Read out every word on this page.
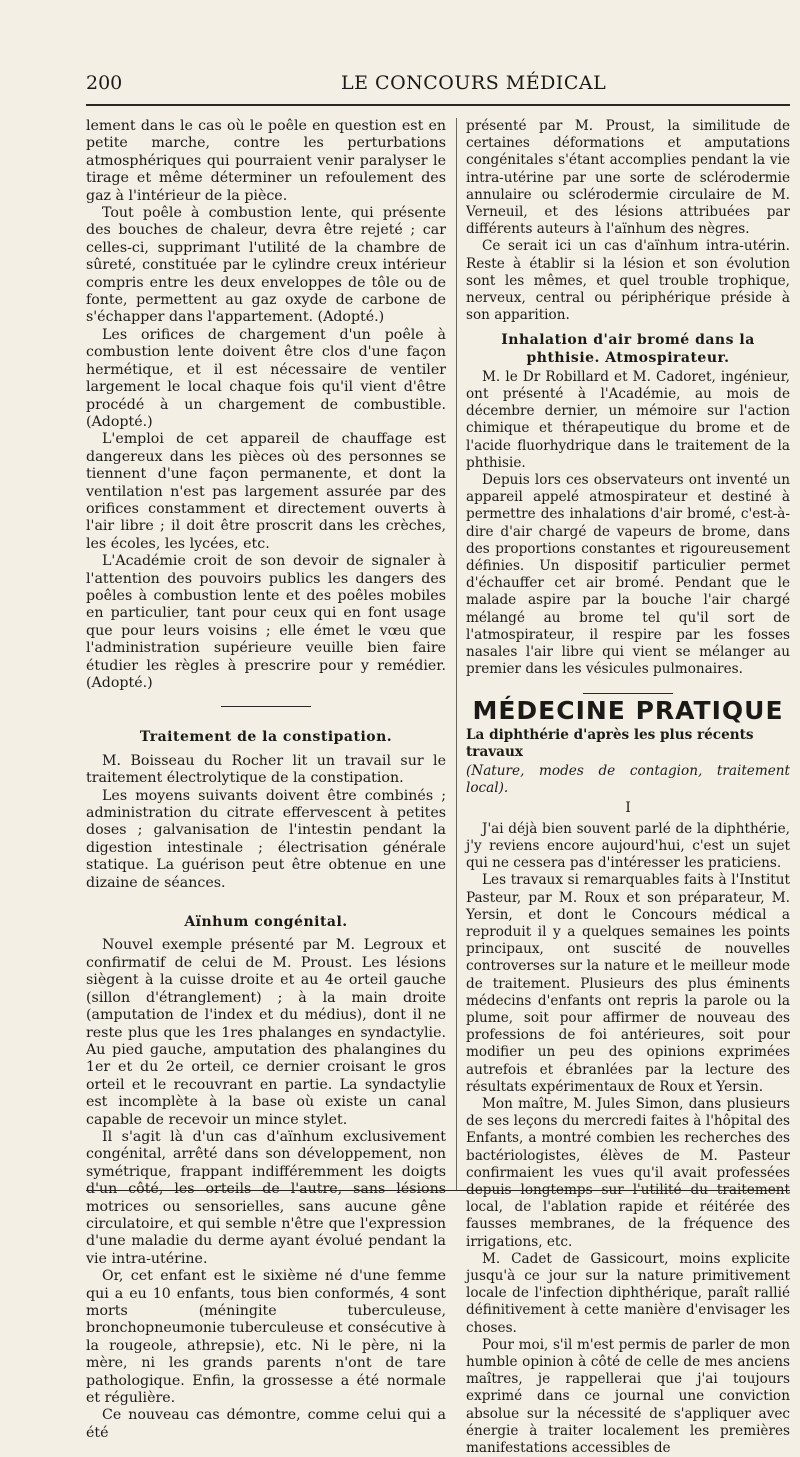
200	LE CONCOURS MÉDICAL

lement dans le cas où le poêle en question est en petite marche, contre les perturbations atmosphériques qui pourraient venir paralyser le tirage et même déterminer un refoulement des gaz à l'intérieur de la pièce.

Tout poêle à combustion lente, qui présente des bouches de chaleur, devra être rejeté ; car celles-ci, supprimant l'utilité de la chambre de sûreté, constituée par le cylindre creux intérieur compris entre les deux enveloppes de tôle ou de fonte, permettent au gaz oxyde de carbone de s'échapper dans l'appartement. (Adopté.)

Les orifices de chargement d'un poêle à combustion lente doivent être clos d'une façon hermétique, et il est nécessaire de ventiler largement le local chaque fois qu'il vient d'être procédé à un chargement de combustible. (Adopté.)

L'emploi de cet appareil de chauffage est dangereux dans les pièces où des personnes se tiennent d'une façon permanente, et dont la ventilation n'est pas largement assurée par des orifices constamment et directement ouverts à l'air libre ; il doit être proscrit dans les crèches, les écoles, les lycées, etc.

L'Académie croit de son devoir de signaler à l'attention des pouvoirs publics les dangers des poêles à combustion lente et des poêles mobiles en particulier, tant pour ceux qui en font usage que pour leurs voisins ; elle émet le vœu que l'administration supérieure veuille bien faire étudier les règles à prescrire pour y remédier. (Adopté.)

Traitement de la constipation.

M. Boisseau du Rocher lit un travail sur le traitement électrolytique de la constipation.

Les moyens suivants doivent être combinés ; administration du citrate effervescent à petites doses ; galvanisation de l'intestin pendant la digestion intestinale ; électrisation générale statique. La guérison peut être obtenue en une dizaine de séances.

Aïnhum congénital.

Nouvel exemple présenté par M. Legroux et confirmatif de celui de M. Proust. Les lésions siègent à la cuisse droite et au 4e orteil gauche (sillon d'étranglement) ; à la main droite (amputation de l'index et du médius), dont il ne reste plus que les 1res phalanges en syndactylie. Au pied gauche, amputation des phalangines du 1er et du 2e orteil, ce dernier croisant le gros orteil et le recouvrant en partie. La syndactylie est incomplète à la base où existe un canal capable de recevoir un mince stylet.

Il s'agit là d'un cas d'aïnhum exclusivement congénital, arrêté dans son développement, non symétrique, frappant indifféremment les doigts d'un côté, les orteils de l'autre, sans lésions motrices ou sensorielles, sans aucune gêne circulatoire, et qui semble n'être que l'expression d'une maladie du derme ayant évolué pendant la vie intra-utérine.

Or, cet enfant est le sixième né d'une femme qui a eu 10 enfants, tous bien conformés, 4 sont morts (méningite tuberculeuse, bronchopneumonie tuberculeuse et consécutive à la rougeole, athrepsie), etc. Ni le père, ni la mère, ni les grands parents n'ont de tare pathologique. Enfin, la grossesse a été normale et régulière.

Ce nouveau cas démontre, comme celui qui a été

présenté par M. Proust, la similitude de certaines déformations et amputations congénitales s'étant accomplies pendant la vie intra-utérine par une sorte de sclérodermie annulaire ou sclérodermie circulaire de M. Verneuil, et des lésions attribuées par différents auteurs à l'aïnhum des nègres.

Ce serait ici un cas d'aïnhum intra-utérin. Reste à établir si la lésion et son évolution sont les mêmes, et quel trouble trophique, nerveux, central ou périphérique préside à son apparition.

Inhalation d'air bromé dans la phthisie. Atmospirateur.

M. le Dr Robillard et M. Cadoret, ingénieur, ont présenté à l'Académie, au mois de décembre dernier, un mémoire sur l'action chimique et thérapeutique du brome et de l'acide fluorhydrique dans le traitement de la phthisie.

Depuis lors ces observateurs ont inventé un appareil appelé atmospirateur et destiné à permettre des inhalations d'air bromé, c'est-à-dire d'air chargé de vapeurs de brome, dans des proportions constantes et rigoureusement définies. Un dispositif particulier permet d'échauffer cet air bromé. Pendant que le malade aspire par la bouche l'air chargé mélangé au brome tel qu'il sort de l'atmospirateur, il respire par les fosses nasales l'air libre qui vient se mélanger au premier dans les vésicules pulmonaires.

MÉDECINE PRATIQUE
La diphthérie d'après les plus récents travaux

(Nature, modes de contagion, traitement local).

I

J'ai déjà bien souvent parlé de la diphthérie, j'y reviens encore aujourd'hui, c'est un sujet qui ne cessera pas d'intéresser les praticiens.

Les travaux si remarquables faits à l'Institut Pasteur, par M. Roux et son préparateur, M. Yersin, et dont le Concours médical a reproduit il y a quelques semaines les points principaux, ont suscité de nouvelles controverses sur la nature et le meilleur mode de traitement. Plusieurs des plus éminents médecins d'enfants ont repris la parole ou la plume, soit pour affirmer de nouveau des professions de foi antérieures, soit pour modifier un peu des opinions exprimées autrefois et ébranlées par la lecture des résultats expérimentaux de Roux et Yersin.

Mon maître, M. Jules Simon, dans plusieurs de ses leçons du mercredi faites à l'hôpital des Enfants, a montré combien les recherches des bactériologistes, élèves de M. Pasteur confirmaient les vues qu'il avait professées depuis longtemps sur l'utilité du traitement local, de l'ablation rapide et réitérée des fausses membranes, de la fréquence des irrigations, etc.

M. Cadet de Gassicourt, moins explicite jusqu'à ce jour sur la nature primitivement locale de l'infection diphthérique, paraît rallié définitivement à cette manière d'envisager les choses.

Pour moi, s'il m'est permis de parler de mon humble opinion à côté de celle de mes anciens maîtres, je rappellerai que j'ai toujours exprimé dans ce journal une conviction absolue sur la nécessité de s'appliquer avec énergie à traiter localement les premières manifestations accessibles de
